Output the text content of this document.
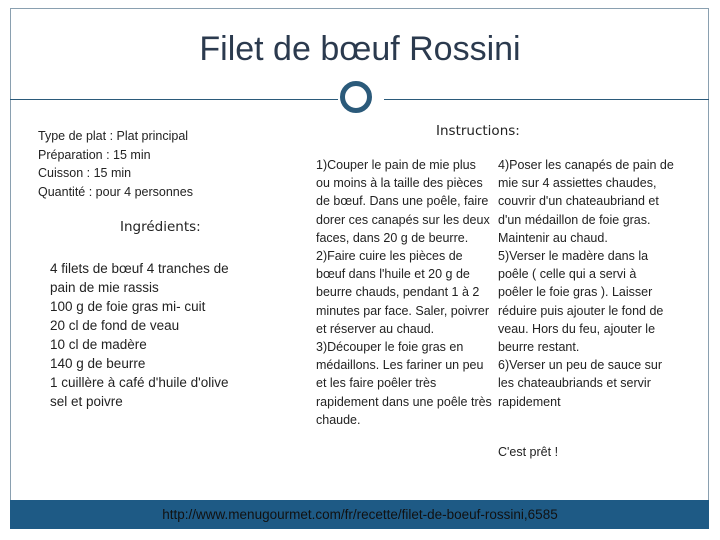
Filet de bœuf Rossini
Type de plat : Plat principal
Préparation : 15 min
Cuisson : 15 min
Quantité : pour 4 personnes
Ingrédients:
4 filets de bœuf 4 tranches de pain de mie rassis
100 g de foie gras mi- cuit
20 cl de fond de veau
10 cl de madère
140 g de beurre
1 cuillère à café d'huile d'olive
sel et poivre
Instructions:
1)Couper le pain de mie plus ou moins à la taille des pièces de bœuf. Dans une poêle, faire dorer ces canapés sur les deux faces, dans 20 g de beurre.
2)Faire cuire les pièces de bœuf dans l'huile et 20 g de beurre chauds, pendant 1 à 2 minutes par face. Saler, poivrer et réserver au chaud.
3)Découper le foie gras en médaillons. Les fariner un peu et les faire poêler très rapidement dans une poêle très chaude.
4)Poser les canapés de pain de mie sur 4 assiettes chaudes, couvrir d'un chateaubriand et d'un médaillon de foie gras. Maintenir au chaud.
5)Verser le madère dans la poêle ( celle qui a servi à poêler le foie gras ). Laisser réduire puis ajouter le fond de veau. Hors du feu, ajouter le beurre restant.
6)Verser un peu de sauce sur les chateaubriands et servir rapidement
C'est prêt !
http://www.menugourmet.com/fr/recette/filet-de-boeuf-rossini,6585
